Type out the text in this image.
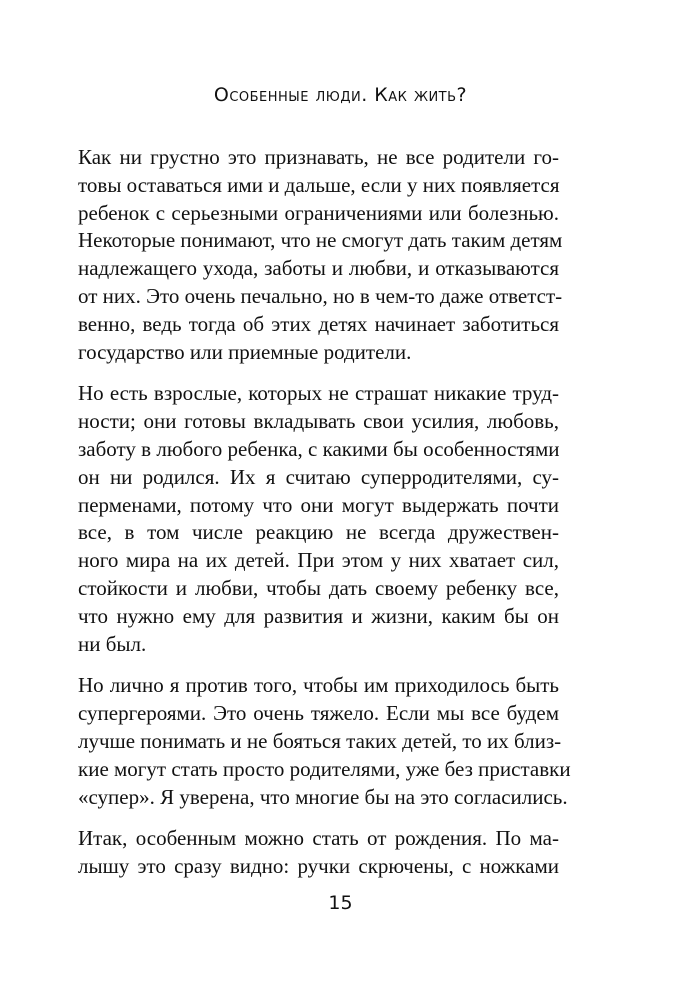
Особенные люди. Как жить?
Как ни грустно это признавать, не все родители го-
товы оставаться ими и дальше, если у них появляется
ребенок с серьезными ограничениями или болезнью.
Некоторые понимают, что не смогут дать таким детям
надлежащего ухода, заботы и любви, и отказываются
от них. Это очень печально, но в чем-то даже ответст-
венно, ведь тогда об этих детях начинает заботиться
государство или приемные родители.
Но есть взрослые, которых не страшат никакие труд-
ности; они готовы вкладывать свои усилия, любовь,
заботу в любого ребенка, с какими бы особенностями
он ни родился. Их я считаю суперродителями, су-
перменами, потому что они могут выдержать почти
все, в том числе реакцию не всегда дружествен-
ного мира на их детей. При этом у них хватает сил,
стойкости и любви, чтобы дать своему ребенку все,
что нужно ему для развития и жизни, каким бы он
ни был.
Но лично я против того, чтобы им приходилось быть
супергероями. Это очень тяжело. Если мы все будем
лучше понимать и не бояться таких детей, то их близ-
кие могут стать просто родителями, уже без приставки
«супер». Я уверена, что многие бы на это согласились.
Итак, особенным можно стать от рождения. По ма-
лышу это сразу видно: ручки скрючены, с ножками
15
